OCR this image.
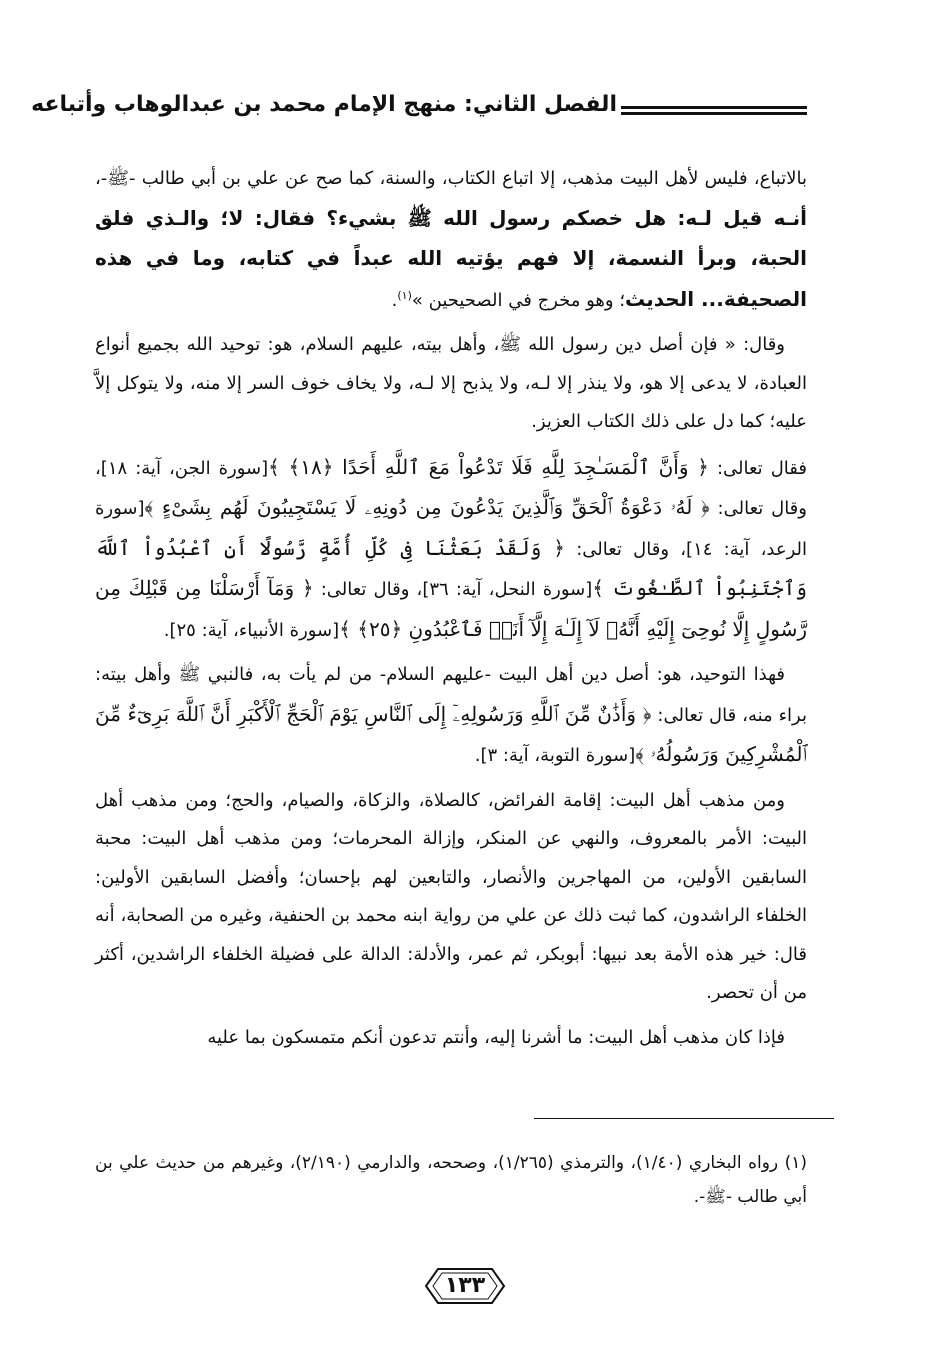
الفصل الثاني: منهج الإمام محمد بن عبدالوهاب وأتباعه

بالاتباع، فليس لأهل البيت مذهب، إلا اتباع الكتاب، والسنة، كما صح عن علي بن أبي طالب -ﷺ-، أنـه قيل لـه: هل خصكم رسول الله ﷺ بشيء؟ فقال: لا؛ والـذي فلق الحبة، وبرأ النسمة، إلا فهم يؤتيه الله عبداً في كتابه، وما في هذه الصحيفة... الحديث؛ وهو مخرج في الصحيحين »$^{(١)}$.

وقال: « فإن أصل دين رسول الله ﷺ، وأهل بيته، عليهم السلام، هو: توحيد الله بجميع أنواع العبادة، لا يدعى إلا هو، ولا ينذر إلا لـه، ولا يذبح إلا لـه، ولا يخاف خوف السر إلا منه، ولا يتوكل إلاَّ عليه؛ كما دل على ذلك الكتاب العزيز.

فقال تعالى: ﴿ وَأَنَّ ٱلْمَسَـٰجِدَ لِلَّهِ فَلَا تَدْعُواْ مَعَ ٱللَّهِ أَحَدًا ﴿١٨﴾ ﴾[سورة الجن، آية: ١٨]، وقال تعالى: ﴿ لَهُۥ دَعْوَةُ ٱلْحَقِّ وَٱلَّذِينَ يَدْعُونَ مِن دُونِهِۦ لَا يَسْتَجِيبُونَ لَهُم بِشَىْءٍ ﴾[سورة الرعد، آية: ١٤]، وقال تعالى: ﴿ وَلَقَدْ بَعَثْنَا فِى كُلِّ أُمَّةٍ رَّسُولًا أَنِ ٱعْبُدُواْ ٱللَّهَ وَٱجْتَنِبُواْ ٱلطَّـٰغُوتَ ﴾[سورة النحل، آية: ٣٦]، وقال تعالى: ﴿ وَمَآ أَرْسَلْنَا مِن قَبْلِكَ مِن رَّسُولٍ إِلَّا نُوحِىٓ إِلَيْهِ أَنَّهُۥ لَآ إِلَـٰهَ إِلَّآ أَنَا۠ فَٱعْبُدُونِ ﴿٢٥﴾ ﴾[سورة الأنبياء، آية: ٢٥].

فهذا التوحيد، هو: أصل دين أهل البيت -عليهم السلام- من لم يأت به، فالنبي ﷺ وأهل بيته: براء منه، قال تعالى: ﴿ وَأَذَٰنٌ مِّنَ ٱللَّهِ وَرَسُولِهِۦٓ إِلَى ٱلنَّاسِ يَوْمَ ٱلْحَجِّ ٱلْأَكْبَرِ أَنَّ ٱللَّهَ بَرِىٓءٌ مِّنَ ٱلْمُشْرِكِينَ وَرَسُولُهُۥ ﴾[سورة التوبة، آية: ٣].

ومن مذهب أهل البيت: إقامة الفرائض، كالصلاة، والزكاة، والصيام، والحج؛ ومن مذهب أهل البيت: الأمر بالمعروف، والنهي عن المنكر، وإزالة المحرمات؛ ومن مذهب أهل البيت: محبة السابقين الأولين، من المهاجرين والأنصار، والتابعين لهم بإحسان؛ وأفضل السابقين الأولين: الخلفاء الراشدون، كما ثبت ذلك عن علي من رواية ابنه محمد بن الحنفية، وغيره من الصحابة، أنه قال: خير هذه الأمة بعد نبيها: أبوبكر، ثم عمر، والأدلة: الدالة على فضيلة الخلفاء الراشدين، أكثر من أن تحصر.

فإذا كان مذهب أهل البيت: ما أشرنا إليه، وأنتم تدعون أنكم متمسكون بما عليه

(١) رواه البخاري (١/٤٠)، والترمذي (١/٢٦٥)، وصححه، والدارمي (٢/١٩٠)، وغيرهم من حديث علي بن أبي طالب -ﷺ-.

١٣٣
